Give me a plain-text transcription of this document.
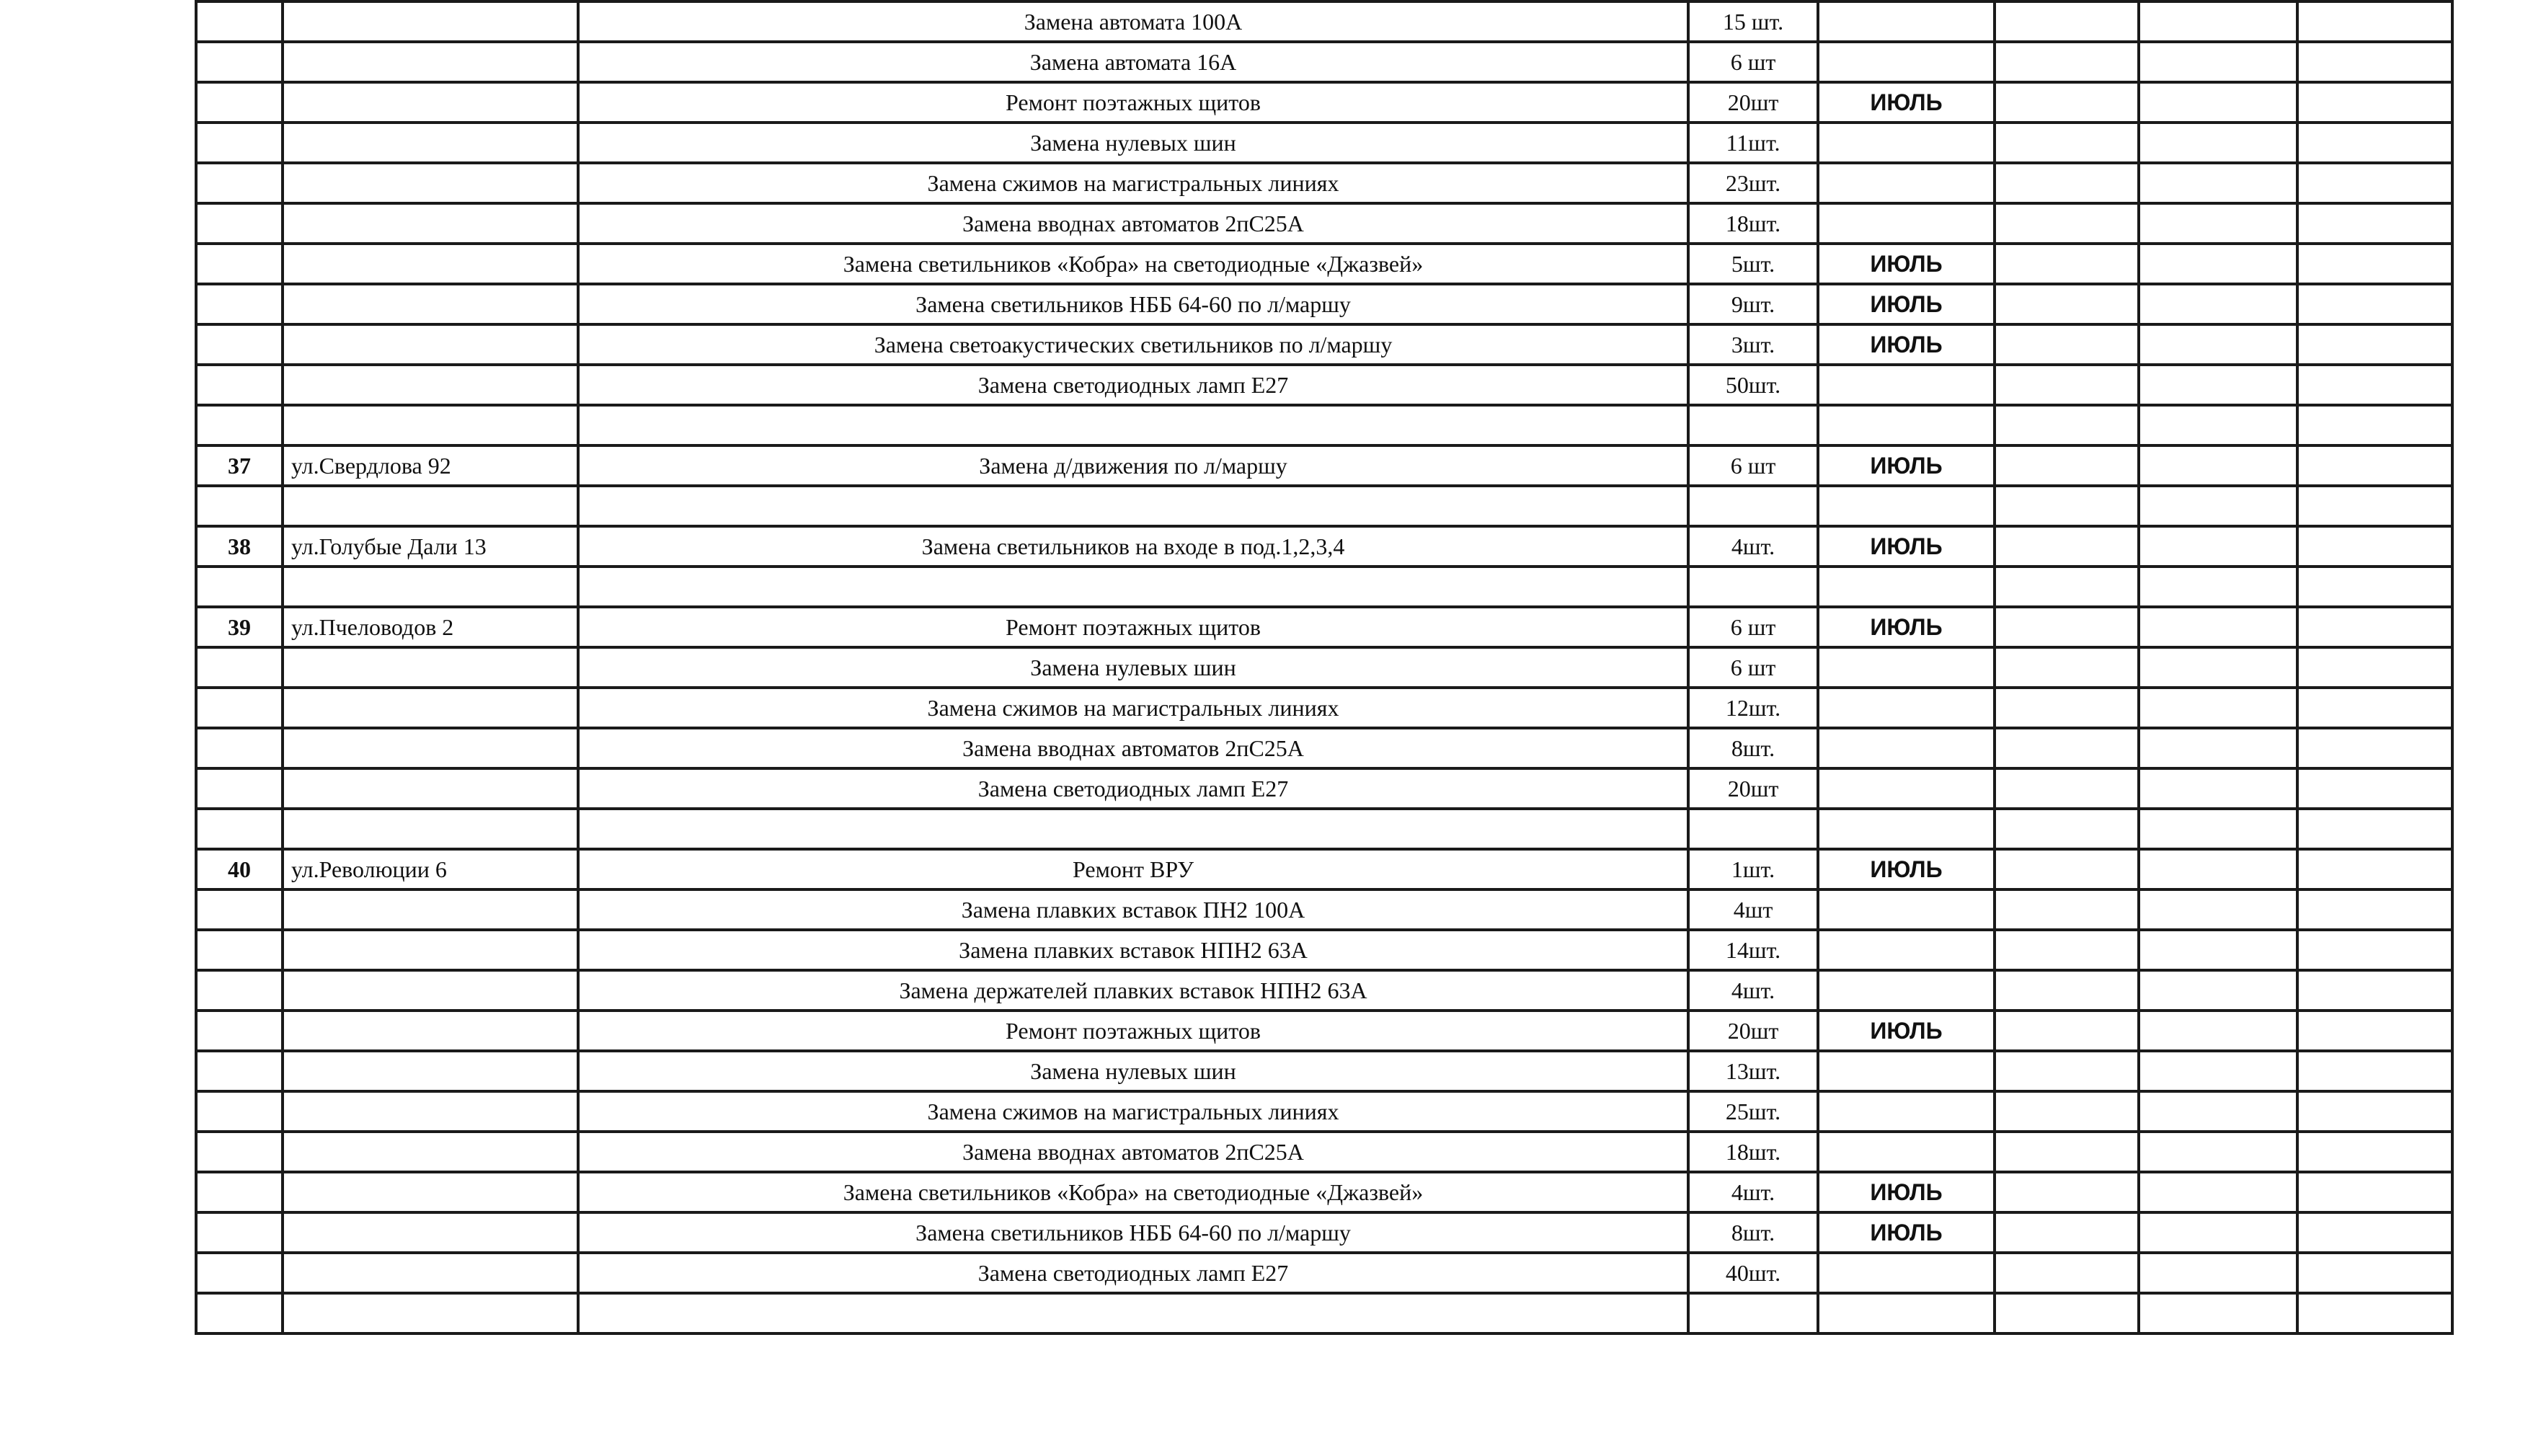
		Замена автомата 100А	15 шт.				
		Замена автомата 16А	6 шт				
		Ремонт поэтажных щитов	20шт	ИЮЛЬ			
		Замена нулевых шин	11шт.				
		Замена сжимов на магистральных линиях	23шт.				
		Замена вводнах автоматов 2пС25А	18шт.				
		Замена светильников «Кобра» на светодиодные «Джазвей»	5шт.	ИЮЛЬ			
		Замена светильников НББ 64-60 по л/маршу	9шт.	ИЮЛЬ			
		Замена светоакустических светильников по л/маршу	3шт.	ИЮЛЬ			
		Замена светодиодных ламп Е27	50шт.				

37	ул.Свердлова 92	Замена д/движения по л/маршу	6 шт	ИЮЛЬ			

38	ул.Голубые Дали 13	Замена светильников на входе в под.1,2,3,4	4шт.	ИЮЛЬ			

39	ул.Пчеловодов 2	Ремонт поэтажных щитов	6 шт	ИЮЛЬ			
		Замена нулевых шин	6 шт				
		Замена сжимов на магистральных линиях	12шт.				
		Замена вводнах автоматов 2пС25А	8шт.				
		Замена светодиодных ламп Е27	20шт				

40	ул.Революции 6	Ремонт ВРУ	1шт.	ИЮЛЬ			
		Замена плавких вставок ПН2 100А	4шт				
		Замена плавких вставок НПН2 63А	14шт.				
		Замена держателей плавких вставок НПН2 63А	4шт.				
		Ремонт поэтажных щитов	20шт	ИЮЛЬ			
		Замена нулевых шин	13шт.				
		Замена сжимов на магистральных линиях	25шт.				
		Замена вводнах автоматов 2пС25А	18шт.				
		Замена светильников «Кобра» на светодиодные «Джазвей»	4шт.	ИЮЛЬ			
		Замена светильников НББ 64-60 по л/маршу	8шт.	ИЮЛЬ			
		Замена светодиодных ламп Е27	40шт.				
